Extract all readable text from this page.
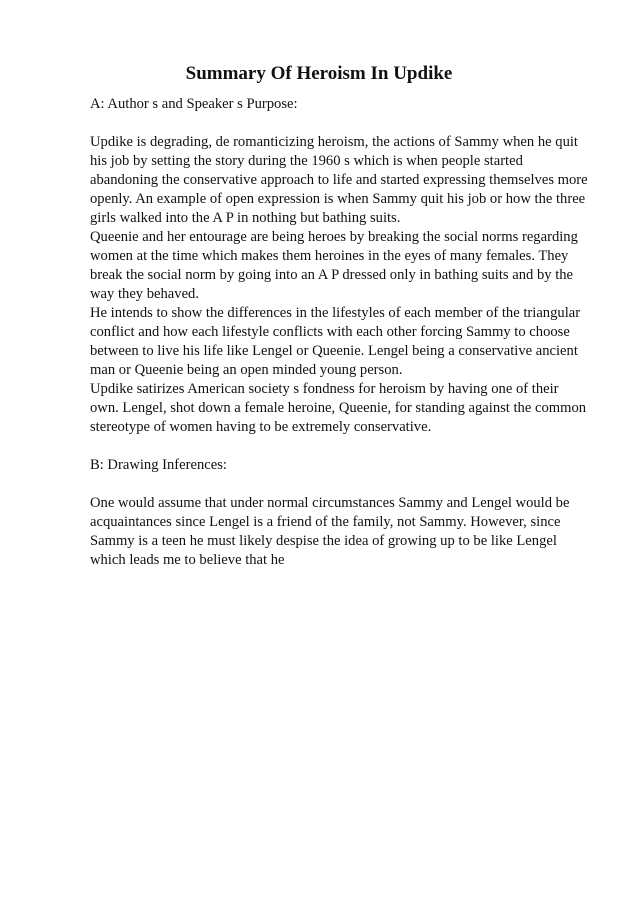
Summary Of Heroism In Updike

A: Author s and Speaker s Purpose:

Updike is degrading, de romanticizing heroism, the actions of Sammy when he quit his job by setting the story during the 1960 s which is when people started abandoning the conservative approach to life and started expressing themselves more openly. An example of open expression is when Sammy quit his job or how the three girls walked into the A P in nothing but bathing suits.

Queenie and her entourage are being heroes by breaking the social norms regarding women at the time which makes them heroines in the eyes of many females. They break the social norm by going into an A P dressed only in bathing suits and by the way they behaved.

He intends to show the differences in the lifestyles of each member of the triangular conflict and how each lifestyle conflicts with each other forcing Sammy to choose between to live his life like Lengel or Queenie. Lengel being a conservative ancient man or Queenie being an open minded young person.

Updike satirizes American society s fondness for heroism by having one of their own. Lengel, shot down a female heroine, Queenie, for standing against the common stereotype of women having to be extremely conservative.

B: Drawing Inferences:

One would assume that under normal circumstances Sammy and Lengel would be acquaintances since Lengel is a friend of the family, not Sammy. However, since Sammy is a teen he must likely despise the idea of growing up to be like Lengel which leads me to believe that he
